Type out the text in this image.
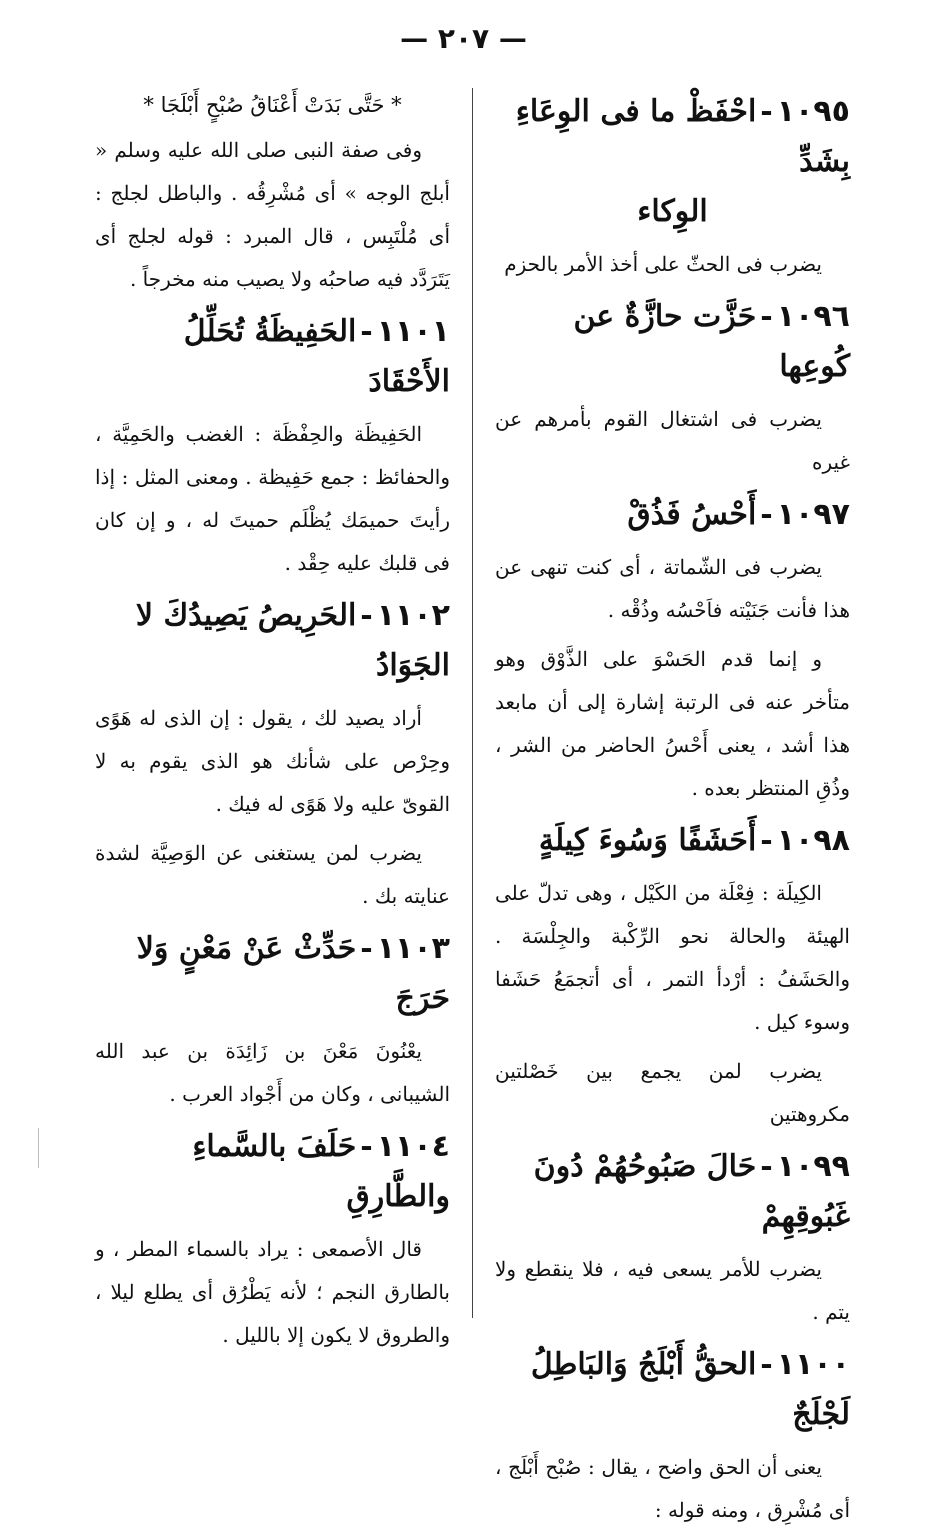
— ٢٠٧ —
١٠٩٥-احْفَظْ ما فى الوِعَاءِ بِشَدِّ
الوِكاء

يضرب فى الحثّ على أخذ الأمر بالحزم

١٠٩٦-حَزَّت حازَّةٌ عن كُوعِها

يضرب فى اشتغال القوم بأمرهم عن غيره

١٠٩٧-أَحْسُ فَذُقْ

يضرب فى الشّماتة ، أى كنت تنهى عن هذا فأنت جَنَيْته فاَحْسُه وذُقْه .

و إنما قدم الحَسْوَ على الذَّوْق وهو متأخر عنه فى الرتبة إشارة إلى أن مابعد هذا أشد ، يعنى أَحْسُ الحاضر من الشر ، وذُقِ المنتظر بعده .

١٠٩٨-أَحَشَفًا وَسُوءَ كِيلَةٍ

الكِيلَة : فِعْلَة من الكَيْل ، وهى تدلّ على الهيئة والحالة نحو الرِّكْبة والجِلْسَة . والحَشَفُ : أرْدأ التمر ، أى أتجمَعُ حَشَفا وسوء كيل .

يضرب لمن يجمع بين خَصْلتين مكروهتين

١٠٩٩-حَالَ صَبُوحُهُمْ دُونَ غَبُوقِهِمْ

يضرب للأمر يسعى فيه ، فلا ينقطع ولا يتم .

١١٠٠-الحقُّ أَبْلَجُ وَالبَاطِلُ لَجْلَجٌ

يعنى أن الحق واضح ، يقال : صُبْح أَبْلَج ، أى مُشْرِق ، ومنه قوله :

* حَتَّى بَدَتْ أَعْنَاقُ صُبْحٍ أَبْلَجَا *

وفى صفة النبى صلى الله عليه وسلم « أبلج الوجه » أى مُشْرِقُه . والباطل لجلج : أى مُلْتَبِس ، قال المبرد : قوله لجلج أى يَتَرَدَّد فيه صاحبُه ولا يصيب منه مخرجاً .

١١٠١-الحَفِيظَةُ تُحَلِّلُ الأَحْقَادَ

الحَفِيظَة والحِفْظَة : الغضب والحَمِيَّة ، والحفائظ : جمع حَفِيظة . ومعنى المثل : إذا رأيتَ حميمَك يُظْلَم حميتَ له ، و إن كان فى قلبك عليه حِقْد .

١١٠٢-الحَرِيصُ يَصِيدُكَ لا الجَوَادُ

أراد يصيد لك ، يقول : إن الذى له هَوًى وحِرْص على شأنك هو الذى يقوم به لا القوىّ عليه ولا هَوًى له فيك .

يضرب لمن يستغنى عن الوَصِيَّة لشدة عنايته بك .

١١٠٣-حَدِّثْ عَنْ مَعْنٍ وَلا حَرَجَ

يعْنُونَ مَعْنَ بن زَائِدَة بن عبد الله الشيبانى ، وكان من أَجْواد العرب .

١١٠٤-حَلَفَ بالسَّماءِ والطَّارِقِ

قال الأصمعى : يراد بالسماء المطر ، و بالطارق النجم ؛ لأنه يَطْرُق أى يطلع ليلا ، والطروق لا يكون إلا بالليل .
